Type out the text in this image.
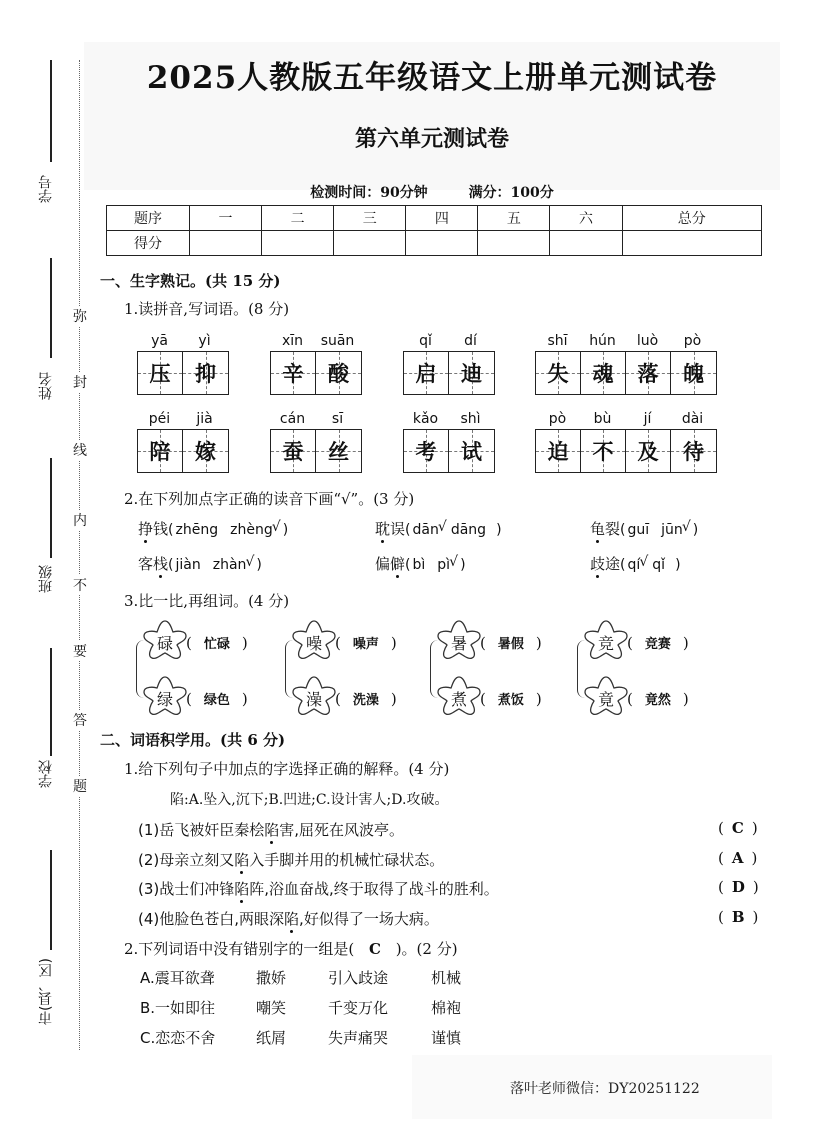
2025人教版五年级语文上册单元测试卷
第六单元测试卷
检测时间：90分钟	满分：100分
题序	一	二	三	四	五	六	总分
得分							
学号
姓名
班级
学校
市(县、区)
弥
封
线
内
不
要
答
题
一、生字熟记。(共 15 分)
1.读拼音,写词语。(8 分)
yā	yì
压 抑
xīn	suān
辛 酸
qǐ	dí
启 迪
shī	hún	luò	pò
失 魂 落 魄
péi	jià
陪 嫁
cán	sī
蚕 丝
kǎo	shì
考 试
pò	bù	jí	dài
迫 不 及 待
2.在下列加点字正确的读音下画“√”。(3 分)
挣钱( zhēng zhèng √ )	耽误( dān √ dāng )	龟裂( guī jūn √ )
客栈( jiàn zhàn √ )	偏僻( bì pì √ )	歧途( qí √ qǐ )
3.比一比,再组词。(4 分)
碌 ( 忙碌 )
绿 ( 绿色 )
噪 ( 噪声 )
澡 ( 洗澡 )
暑 ( 暑假 )
煮 ( 煮饭 )
竞 ( 竞赛 )
竟 ( 竟然 )
二、词语积学用。(共 6 分)
1.给下列句子中加点的字选择正确的解释。(4 分)
陷:A.坠入,沉下;B.凹进;C.设计害人;D.攻破。
(1)岳飞被奸臣秦桧陷害,屈死在风波亭。	( C )
(2)母亲立刻又陷入手脚并用的机械忙碌状态。	( A )
(3)战士们冲锋陷阵,浴血奋战,终于取得了战斗的胜利。	( D )
(4)他脸色苍白,两眼深陷,好似得了一场大病。	( B )
2.下列词语中没有错别字的一组是( C )。(2 分)
A.震耳欲聋	撒娇	引入歧途	机械
B.一如即往	嘲笑	千变万化	棉袍
C.恋恋不舍	纸屑	失声痛哭	谨慎
落叶老师微信：DY20251122
